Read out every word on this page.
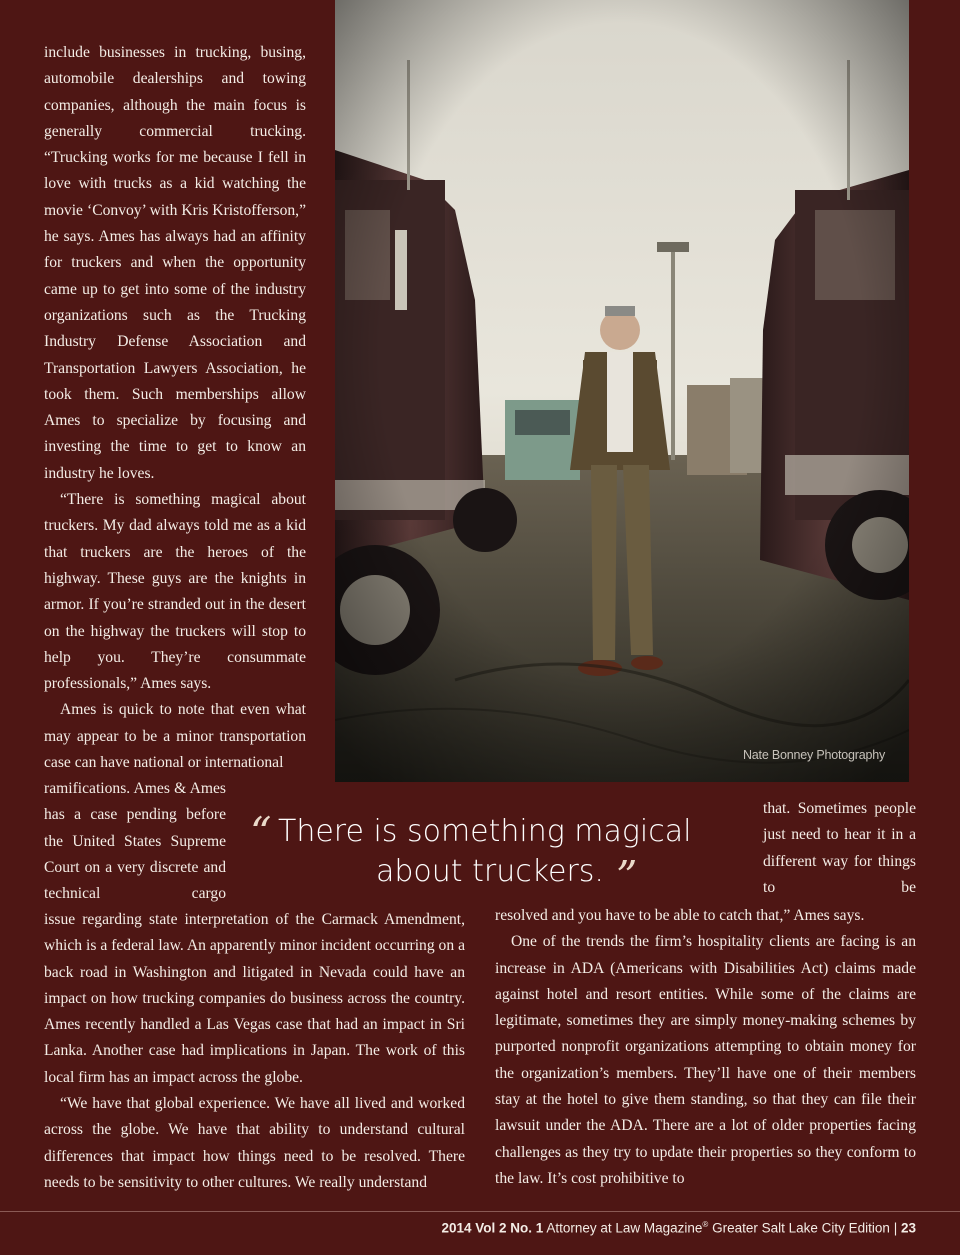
include businesses in trucking, busing, automobile dealerships and towing companies, although the main focus is generally commercial trucking. “Trucking works for me because I fell in love with trucks as a kid watching the movie ‘Convoy’ with Kris Kristofferson,” he says. Ames has always had an affinity for truckers and when the opportunity came up to get into some of the industry organizations such as the Trucking Industry Defense Association and Transportation Lawyers Association, he took them. Such memberships allow Ames to specialize by focusing and investing the time to get to know an industry he loves.

“There is something magical about truckers. My dad always told me as a kid that truckers are the heroes of the highway. These guys are the knights in armor. If you’re stranded out in the desert on the highway the truckers will stop to help you. They’re consummate professionals,” Ames says.

Ames is quick to note that even what may appear to be a minor transportation case can have national or international	Nate Bonney Photography

ramifications. Ames & Ames has a case pending before the United States Supreme Court on a very discrete and technical cargo

“ There is something magical
about truckers. ”

that. Sometimes people just need to hear it in a different way for things to be

issue regarding state interpretation of the Carmack Amendment, which is a federal law. An apparently minor incident occurring on a back road in Washington and litigated in Nevada could have an impact on how trucking companies do business across the country. Ames recently handled a Las Vegas case that had an impact in Sri Lanka. Another case had implications in Japan. The work of this local firm has an impact across the globe.

“We have that global experience. We have all lived and worked across the globe. We have that ability to understand cultural differences that impact how things need to be resolved. There needs to be sensitivity to other cultures. We really understand

resolved and you have to be able to catch that,” Ames says.

One of the trends the firm’s hospitality clients are facing is an increase in ADA (Americans with Disabilities Act) claims made against hotel and resort entities. While some of the claims are legitimate, sometimes they are simply money-making schemes by purported nonprofit organizations attempting to obtain money for the organization’s members. They’ll have one of their members stay at the hotel to give them standing, so that they can file their lawsuit under the ADA. There are a lot of older properties facing challenges as they try to update their properties so they conform to the law. It’s cost prohibitive to

2014 Vol 2 No. 1 Attorney at Law Magazine® Greater Salt Lake City Edition | 23
